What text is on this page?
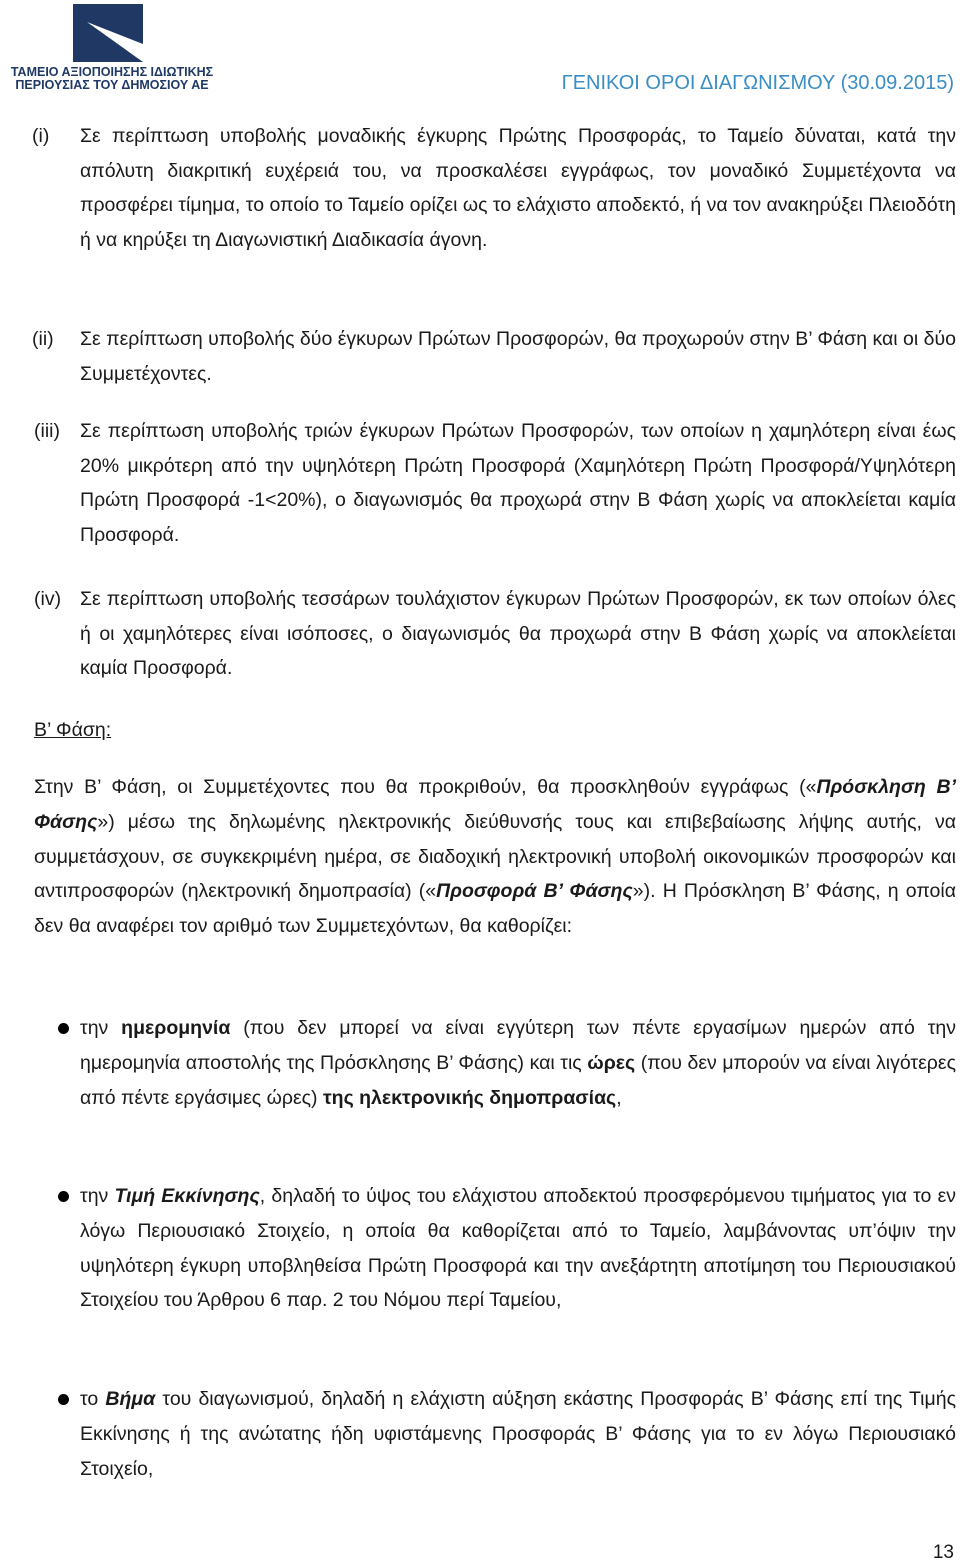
ΤΑΜΕΙΟ ΑΞΙΟΠΟΙΗΣΗΣ ΙΔΙΩΤΙΚΗΣ
ΠΕΡΙΟΥΣΙΑΣ ΤΟΥ ΔΗΜΟΣΙΟΥ ΑΕ	ΓΕΝΙΚΟΙ ΟΡΟΙ ΔΙΑΓΩΝΙΣΜΟΥ (30.09.2015)
(i) Σε περίπτωση υποβολής μοναδικής έγκυρης Πρώτης Προσφοράς, το Ταμείο δύναται, κατά την απόλυτη διακριτική ευχέρειά του, να προσκαλέσει εγγράφως, τον μοναδικό Συμμετέχοντα να προσφέρει τίμημα, το οποίο το Ταμείο ορίζει ως το ελάχιστο αποδεκτό, ή να τον ανακηρύξει Πλειοδότη ή να κηρύξει τη Διαγωνιστική Διαδικασία άγονη.
(ii) Σε περίπτωση υποβολής δύο έγκυρων Πρώτων Προσφορών, θα προχωρούν στην Β’ Φάση και οι δύο Συμμετέχοντες.
(iii) Σε περίπτωση υποβολής τριών έγκυρων Πρώτων Προσφορών, των οποίων η χαμηλότερη είναι έως 20% μικρότερη από την υψηλότερη Πρώτη Προσφορά (Χαμηλότερη Πρώτη Προσφορά/Υψηλότερη Πρώτη Προσφορά -1<20%), ο διαγωνισμός θα προχωρά στην Β Φάση χωρίς να αποκλείεται καμία Προσφορά.
(iv) Σε περίπτωση υποβολής τεσσάρων τουλάχιστον έγκυρων Πρώτων Προσφορών, εκ των οποίων όλες ή οι χαμηλότερες είναι ισόποσες, ο διαγωνισμός θα προχωρά στην Β Φάση χωρίς να αποκλείεται καμία Προσφορά.
Β’ Φάση:
Στην Β’ Φάση, οι Συμμετέχοντες που θα προκριθούν, θα προσκληθούν εγγράφως («Πρόσκληση Β’ Φάσης») μέσω της δηλωμένης ηλεκτρονικής διεύθυνσής τους και επιβεβαίωσης λήψης αυτής, να συμμετάσχουν, σε συγκεκριμένη ημέρα, σε διαδοχική ηλεκτρονική υποβολή οικονομικών προσφορών και αντιπροσφορών (ηλεκτρονική δημοπρασία) («Προσφορά Β’ Φάσης»). Η Πρόσκληση Β’ Φάσης, η οποία δεν θα αναφέρει τον αριθμό των Συμμετεχόντων, θα καθορίζει:
την ημερομηνία (που δεν μπορεί να είναι εγγύτερη των πέντε εργασίμων ημερών από την ημερομηνία αποστολής της Πρόσκλησης Β’ Φάσης) και τις ώρες (που δεν μπορούν να είναι λιγότερες από πέντε εργάσιμες ώρες) της ηλεκτρονικής δημοπρασίας,
την Τιμή Εκκίνησης, δηλαδή το ύψος του ελάχιστου αποδεκτού προσφερόμενου τιμήματος για το εν λόγω Περιουσιακό Στοιχείο, η οποία θα καθορίζεται από το Ταμείο, λαμβάνοντας υπ’όψιν την υψηλότερη έγκυρη υποβληθείσα Πρώτη Προσφορά και την ανεξάρτητη αποτίμηση του Περιουσιακού Στοιχείου του Άρθρου 6 παρ. 2 του Νόμου περί Ταμείου,
το Βήμα του διαγωνισμού, δηλαδή η ελάχιστη αύξηση εκάστης Προσφοράς Β’ Φάσης επί της Τιμής Εκκίνησης ή της ανώτατης ήδη υφιστάμενης Προσφοράς Β’ Φάσης για το εν λόγω Περιουσιακό Στοιχείο,
13
